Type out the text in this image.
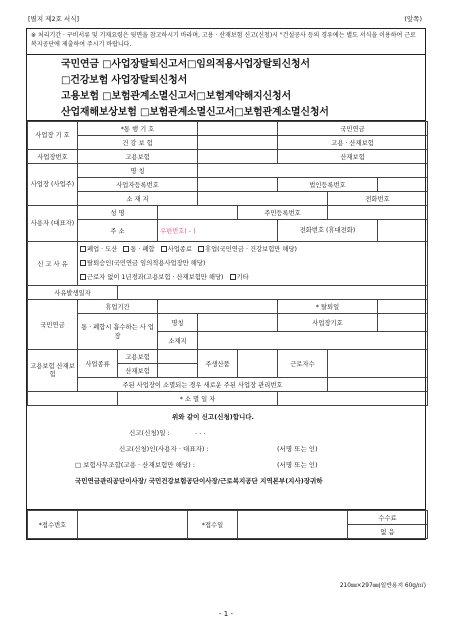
[별지 제2호 서식]	(앞쪽)
※ 처리기간 · 구비서류 및 기재요령은 뒷면을 참고하시기 바라며, 고용 · 산재보험 신고(신청)시 "건설공사 등의 경우에는 별도 서식을 이용하여 근로복지공단에 제출하여 주시기 바랍니다.
국민연금 □사업장탈퇴신고서□임의적용사업장탈퇴신청서
□건강보험 사업장탈퇴신청서
고용보험 □보험관계소멸신고서□보험계약해지신청서
산업재해보상보험 □보험관계소멸신고서□보험관계소멸신청서
사업장 기 호	*통 행 기 호					국민연금		
	건 강 보 험					고용 · 산재보험		
사업장번호	고용보험					산재보험		
사업장 (사업주)	명 칭							
	사업자등록번호					법인등록번호		
	소 재 지						전화번호	
사용자 (대표자)	성 명				주민등록번호			
	주 소		우편번호( - )			전화번호 (휴대전화)		
신 고 사 유	폐업 · 도산 통 · 폐합 사업종료 휴업(국민연금 · 건강보험만 해당)
탈퇴승인(국민연금 임의적용사업장만 해당)
근로자 없이 1년경과(고용보험 · 산재보험만 해당) 기타							
사유발생일자								
국민연금	휴업기간					* 탈퇴일		
	통 · 폐합시 흡수하는 사 업 장		명칭			사업장기호		
			소재지					
고용보험 산재보험	사업종류	고용보험		주생산품		근로자수		
		산재보험						
	주된 사업장이 소멸되는 경우 새로운 주된 사업장 관리번호							
		* 소 멸 일 자						
위와 같이 신고(신청)합니다.
신고(신청)일 :	. . .
신고(신청)인(사용자 · 대표자) :	(서명 또는 인)
□ 보험사무조합(고용 · 산재보험만 해당) :	(서명 또는 인)
국민연금관리공단이사장/ 국민건강보험공단이사장/근로복지공단 지역본부(지사)장귀하
*접수번호		*접수일		수수료
없 음
210㎜×297㎜(일반용지 60g/㎡)
- 1 -
